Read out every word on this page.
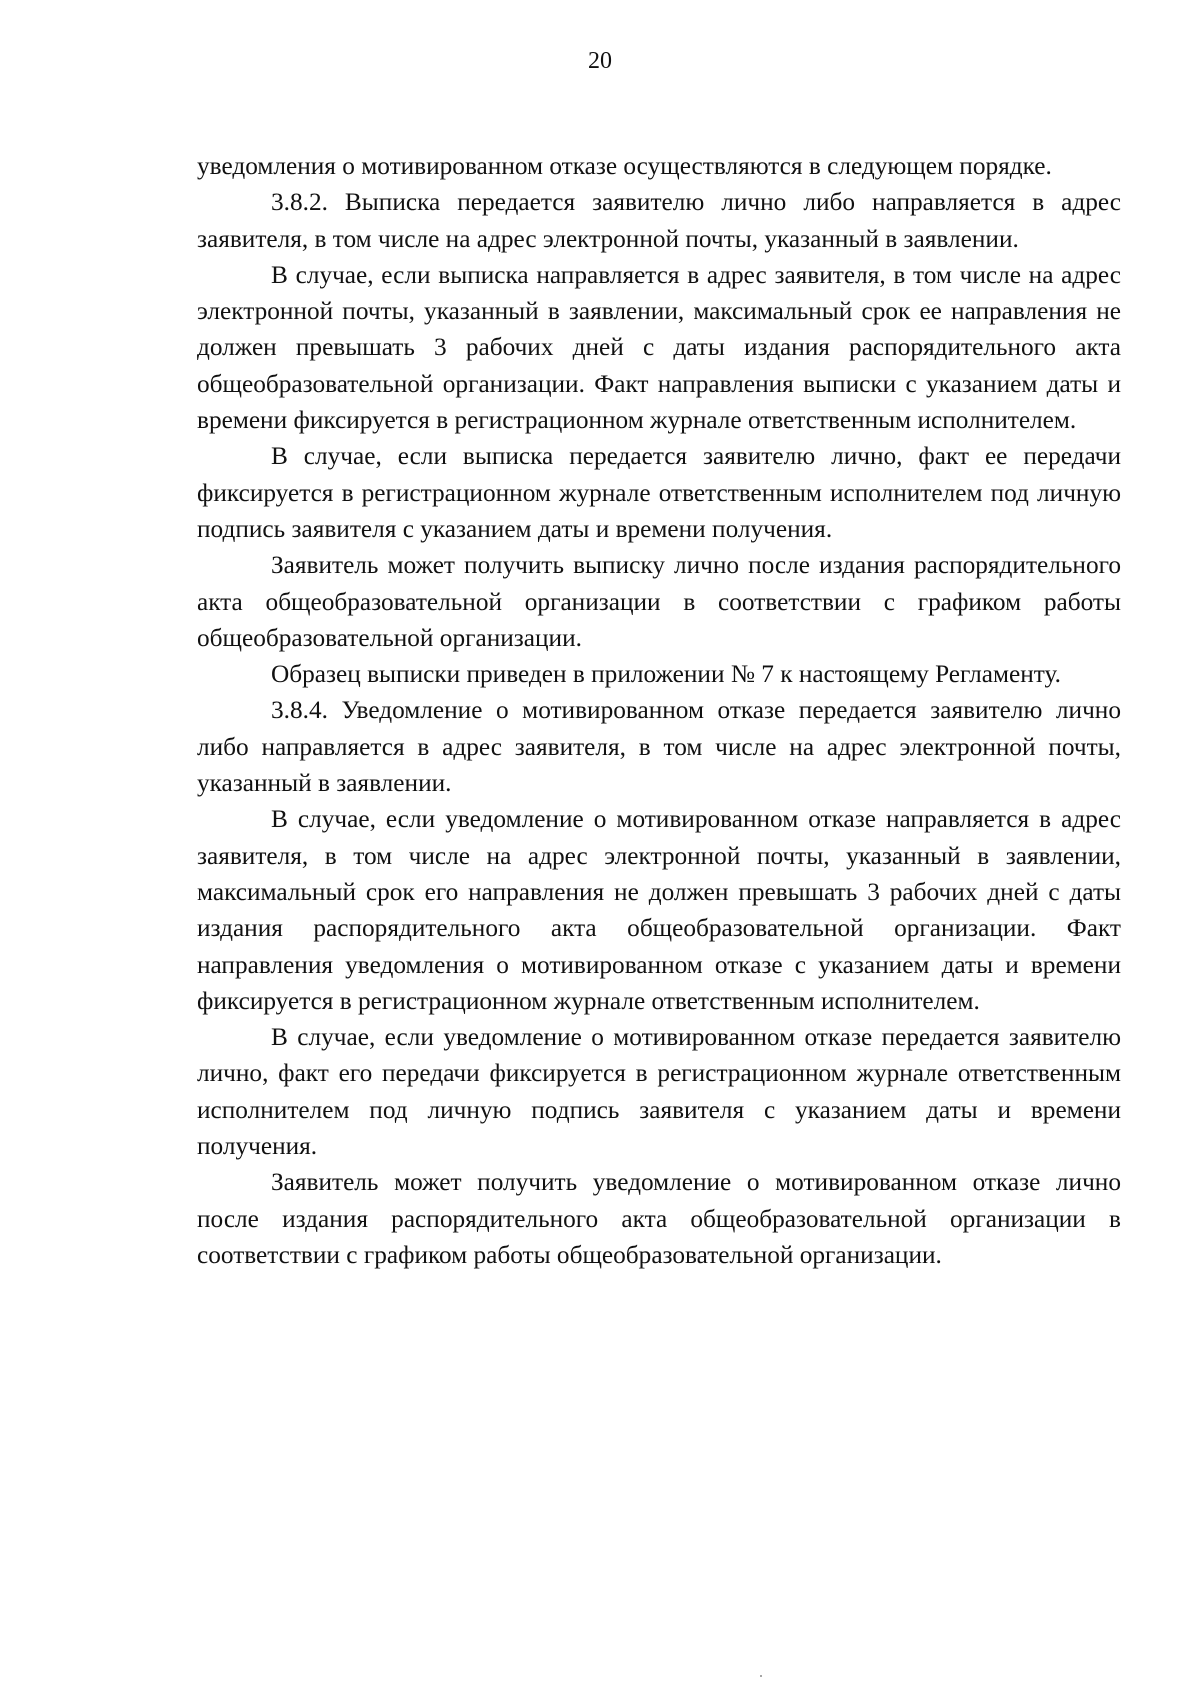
20

уведомления о мотивированном отказе осуществляются в следующем порядке.

3.8.2. Выписка передается заявителю лично либо направляется в адрес заявителя, в том числе на адрес электронной почты, указанный в заявлении.

В случае, если выписка направляется в адрес заявителя, в том числе на адрес электронной почты, указанный в заявлении, максимальный срок ее направления не должен превышать 3 рабочих дней с даты издания распорядительного акта общеобразовательной организации. Факт направления выписки с указанием даты и времени фиксируется в регистрационном журнале ответственным исполнителем.

В случае, если выписка передается заявителю лично, факт ее передачи фиксируется в регистрационном журнале ответственным исполнителем под личную подпись заявителя с указанием даты и времени получения.

Заявитель может получить выписку лично после издания распорядительного акта общеобразовательной организации в соответствии с графиком работы общеобразовательной организации.

Образец выписки приведен в приложении № 7 к настоящему Регламенту.

3.8.4. Уведомление о мотивированном отказе передается заявителю лично либо направляется в адрес заявителя, в том числе на адрес электронной почты, указанный в заявлении.

В случае, если уведомление о мотивированном отказе направляется в адрес заявителя, в том числе на адрес электронной почты, указанный в заявлении, максимальный срок его направления не должен превышать 3 рабочих дней с даты издания распорядительного акта общеобразовательной организации. Факт направления уведомления о мотивированном отказе с указанием даты и времени фиксируется в регистрационном журнале ответственным исполнителем.

В случае, если уведомление о мотивированном отказе передается заявителю лично, факт его передачи фиксируется в регистрационном журнале ответственным исполнителем под личную подпись заявителя с указанием даты и времени получения.

Заявитель может получить уведомление о мотивированном отказе лично после издания распорядительного акта общеобразовательной организации в соответствии с графиком работы общеобразовательной организации.
